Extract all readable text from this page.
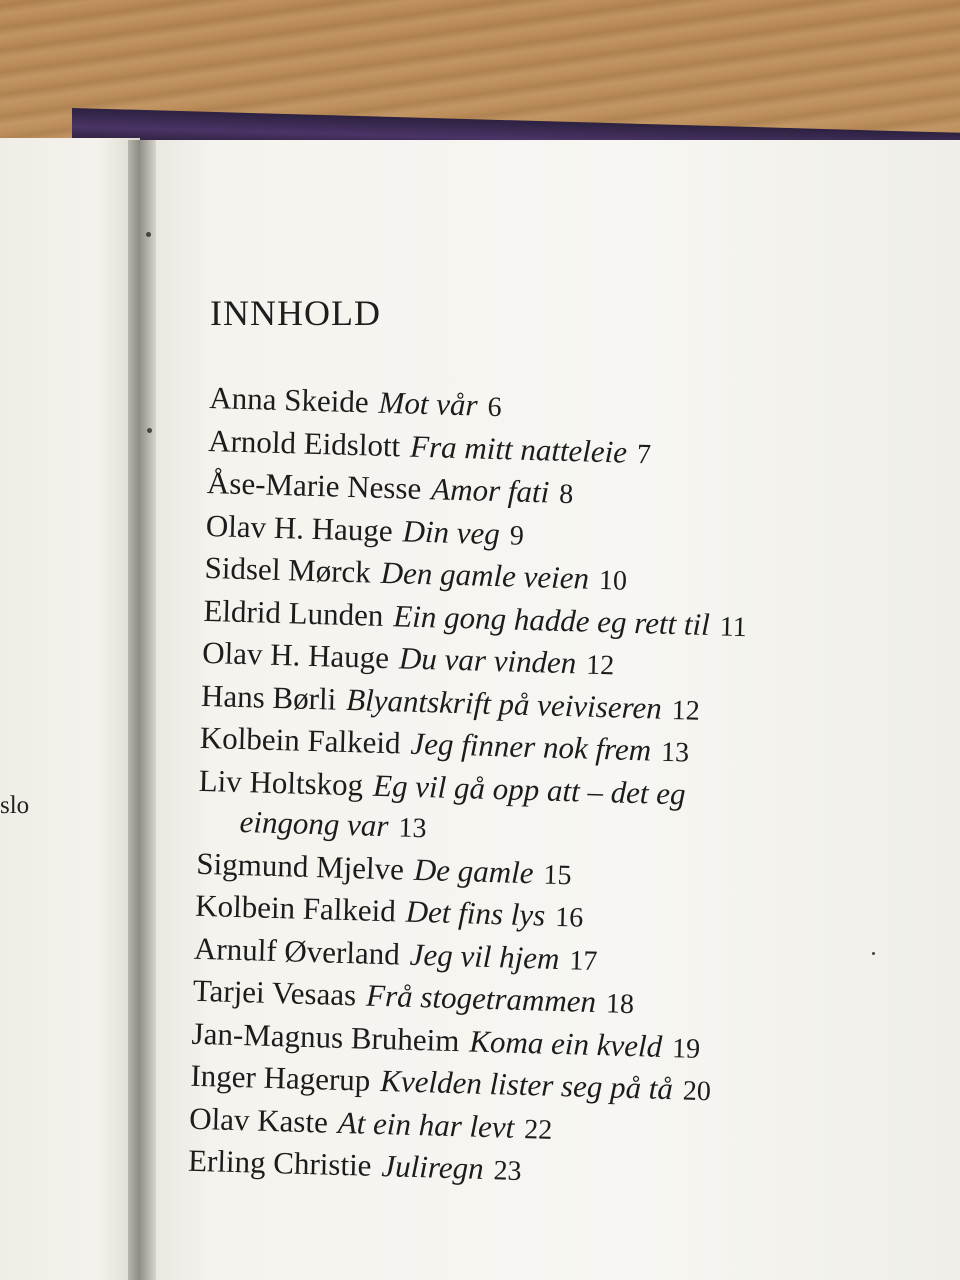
slo
INNHOLD
Anna Skeide Mot vår 6
Arnold Eidslott Fra mitt natteleie 7
Åse-Marie Nesse Amor fati 8
Olav H. Hauge Din veg 9
Sidsel Mørck Den gamle veien 10
Eldrid Lunden Ein gong hadde eg rett til 11
Olav H. Hauge Du var vinden 12
Hans Børli Blyantskrift på veiviseren 12
Kolbein Falkeid Jeg finner nok frem 13
Liv Holtskog Eg vil gå opp att – det eg
eingong var 13
Sigmund Mjelve De gamle 15
Kolbein Falkeid Det fins lys 16
Arnulf Øverland Jeg vil hjem 17
Tarjei Vesaas Frå stogetrammen 18
Jan-Magnus Bruheim Koma ein kveld 19
Inger Hagerup Kvelden lister seg på tå 20
Olav Kaste At ein har levt 22
Erling Christie Julіregn 23
